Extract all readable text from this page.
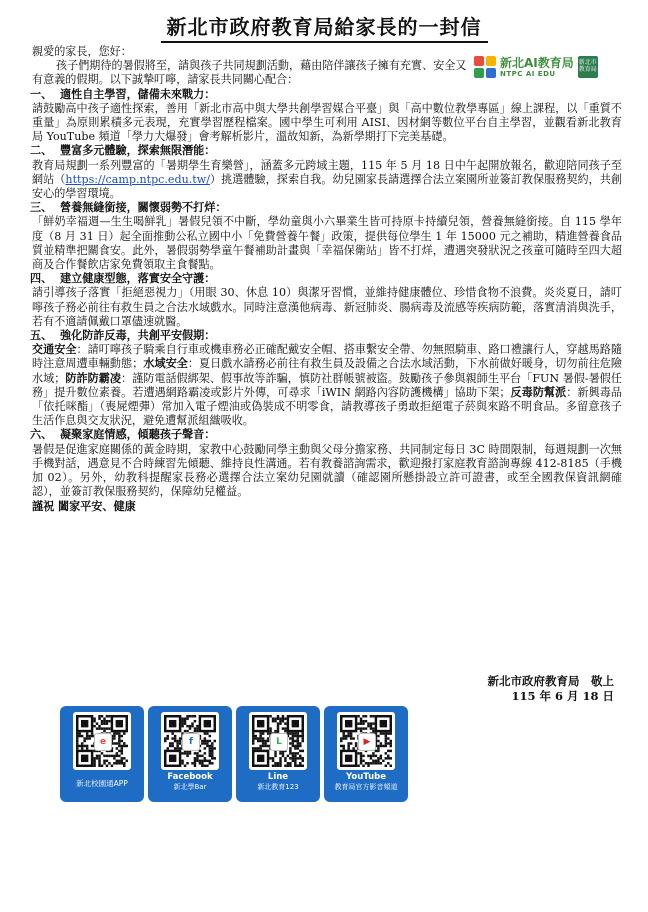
新北市政府教育局給家長的一封信
新北AI教育局
NTPC AI EDU
新北市教育局

親愛的家長，您好：

孩子們期待的暑假將至，請與孩子共同規劃活動，藉由陪伴讓孩子擁有充實、安全又有意義的假期。以下誠摯叮嚀，請家長共同關心配合：

一、 適性自主學習，儲備未來戰力：

請鼓勵高中孩子適性探索，善用「新北市高中與大學共創學習媒合平臺」與「高中數位教學專區」線上課程，以「重質不重量」為原則累積多元表現，充實學習歷程檔案。國中學生可利用 AISI、因材網等數位平台自主學習，並觀看新北教育局 YouTube 頻道「學力大爆發」會考解析影片，溫故知新，為新學期打下完美基礎。

二、 豐富多元體驗，探索無限潛能：

教育局規劃一系列豐富的「暑期學生育樂營」，涵蓋多元跨域主題，115 年 5 月 18 日中午起開放報名，歡迎陪同孩子至網站（https://camp.ntpc.edu.tw/）挑選體驗，探索自我。幼兒園家長請選擇合法立案園所並簽訂教保服務契約，共創安心的學習環境。

三、 營養無縫銜接，關懷弱勢不打烊：

「鮮奶幸福週—生生喝鮮乳」暑假兒領不中斷，學幼童與小六畢業生皆可持原卡持續兒領，營養無縫銜接。自 115 學年度（8 月 31 日）起全面推動公私立國中小「免費營養午餐」政策，提供每位學生 1 年 15000 元之補助，精進營養食品質並精準把關食安。此外，暑假弱勢學童午餐補助計畫與「幸福保衛站」皆不打烊，遭遇突發狀況之孩童可隨時至四大超商及合作餐飲店家免費領取主食餐點。

四、 建立健康型態，落實安全守護：

請引導孩子落實「拒絕惡視力」（用眼 30、休息 10）與潔牙習慣，並維持健康體位、珍惜食物不浪費。炎炎夏日，請叮嚀孩子務必前往有救生員之合法水域戲水。同時注意漢他病毒、新冠肺炎、腸病毒及流感等疾病防範，落實清消與洗手，若有不適請佩戴口罩儘速就醫。

五、 強化防詐反毒，共創平安假期：

交通安全：請叮嚀孩子騎乘自行車或機車務必正確配戴安全帽、搭車繫安全帶、勿無照騎車、路口禮讓行人，穿越馬路隨時注意周遭車輛動態；水域安全：夏日戲水請務必前往有救生員及設備之合法水域活動，下水前做好暖身，切勿前往危險水域；防詐防霸凌：謹防電話假綁架、假事故等詐騙，慎防社群帳號被盜。鼓勵孩子參與親師生平台「FUN 暑假-暑假任務」提升數位素養。若遭遇網路霸凌或影片外傳，可尋求「iWIN 網路內容防護機構」協助下架；反毒防幫派：新興毒品「依托咪酯」（喪屍煙彈）常加入電子煙油或偽裝成不明零食，請教導孩子勇敢拒絕電子菸與來路不明食品。多留意孩子生活作息與交友狀況，避免遭幫派組織吸收。

六、 凝聚家庭情感，傾聽孩子聲音：

暑假是促進家庭關係的黃金時期，家教中心鼓勵同學主動與父母分擔家務、共同制定每日 3C 時間限制，每週規劃一次無手機對話，遇意見不合時練習先傾聽、維持良性溝通。若有教養諮詢需求，歡迎撥打家庭教育諮詢專線 412-8185（手機加 02）。另外，幼教科提醒家長務必選擇合法立案幼兒園就讀（確認園所懸掛設立許可證書，或至全國教保資訊網確認），並簽訂教保服務契約，保障幼兒權益。

謹祝 闔家平安、健康

新北市政府教育局　敬上
115 年 6 月 18 日
e
新北校園通APP
f
Facebook
新北學Bar
L
Line
新北教育123
▶
YouTube
教育局官方影音頻道
